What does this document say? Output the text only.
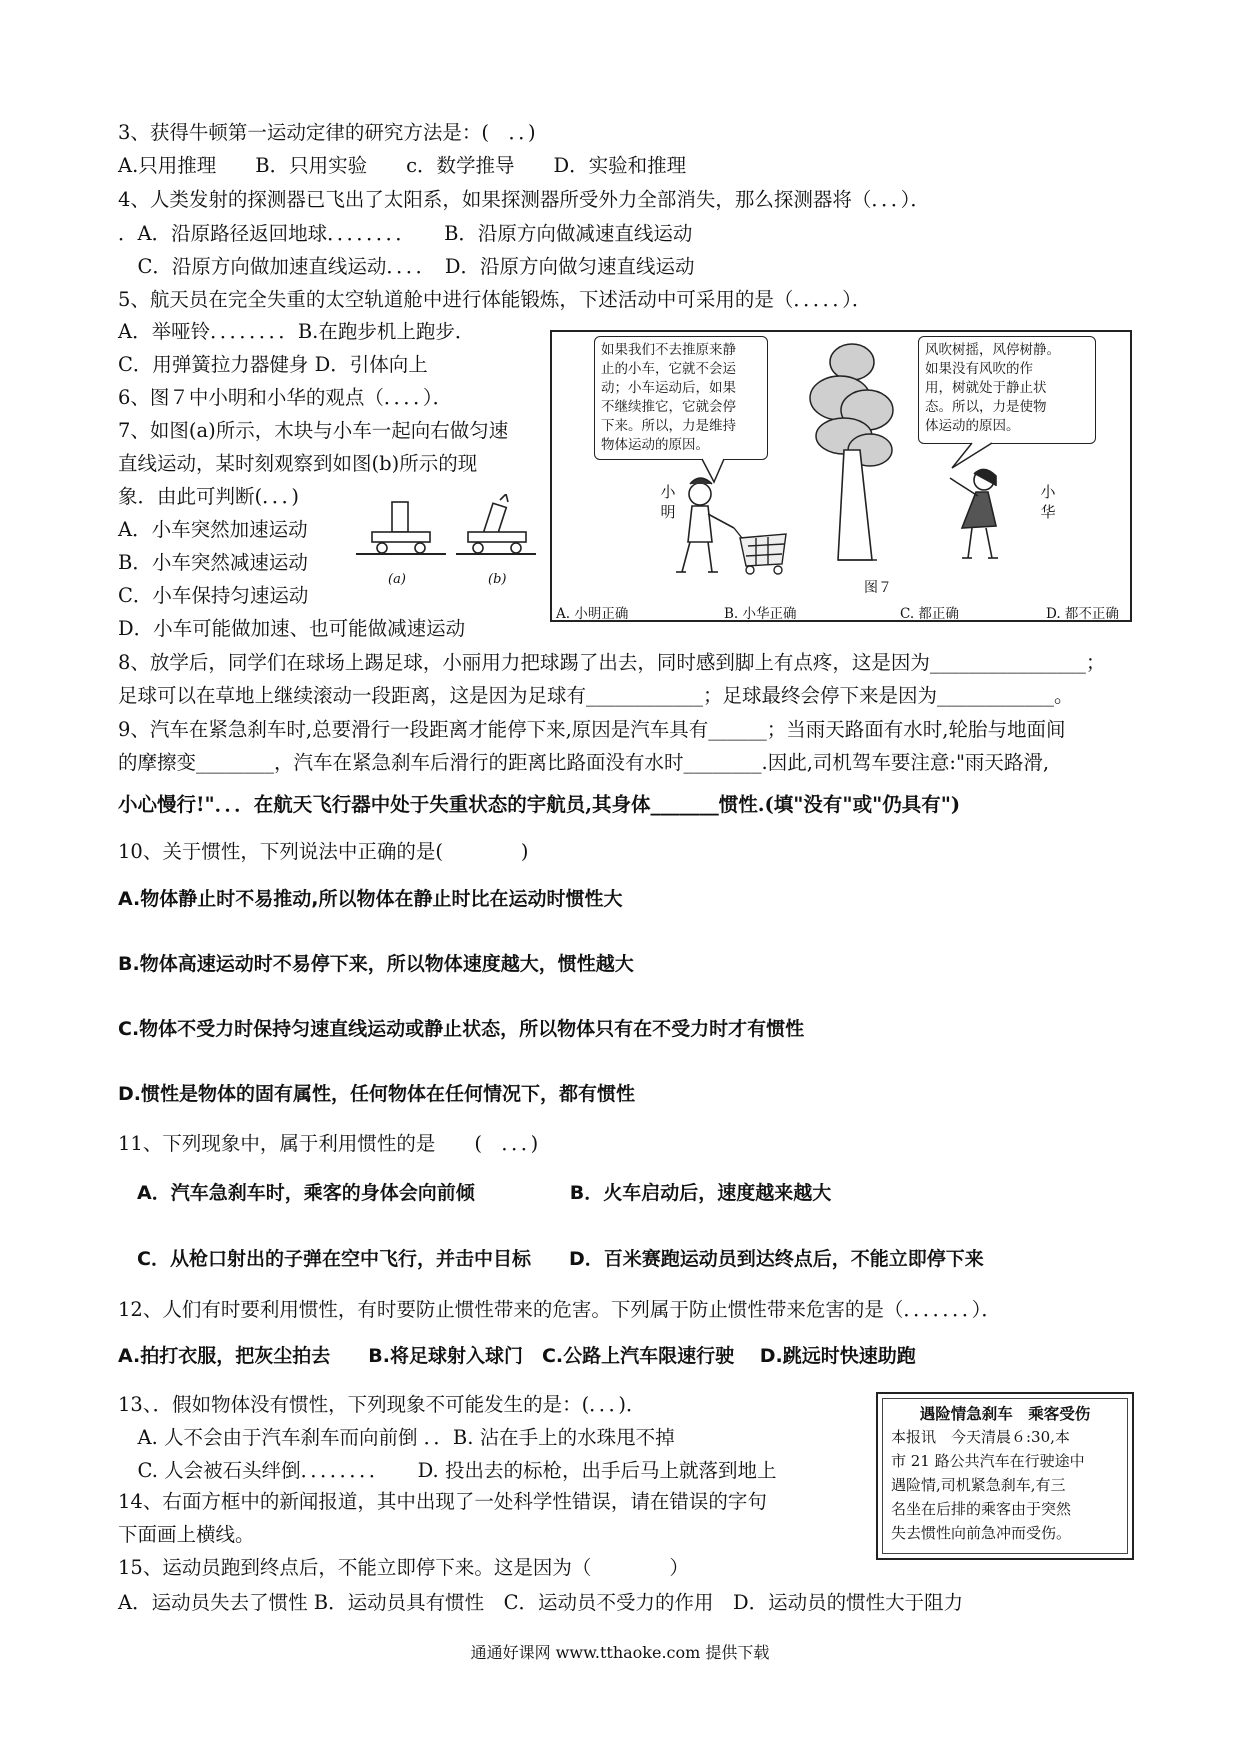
3、获得牛顿第一运动定律的研究方法是：(　．．)
A.只用推理　　B．只用实验　　c．数学推导　　D．实验和推理
4、人类发射的探测器已飞出了太阳系，如果探测器所受外力全部消失，那么探测器将（．．．）．
．A．沿原路径返回地球．．．．．．．．　　B．沿原方向做减速直线运动
　C．沿原方向做加速直线运动．．．．　D．沿原方向做匀速直线运动
5、航天员在完全失重的太空轨道舱中进行体能锻炼，下述活动中可采用的是（．．．．．）．
A．举哑铃．．．．．．．．B.在跑步机上跑步．
C．用弹簧拉力器健身 D．引体向上
6、图７中小明和小华的观点（．．．．）．
7、如图(a)所示，木块与小车一起向右做匀速
直线运动，某时刻观察到如图(b)所示的现
象．由此可判断(．．．)
A．小车突然加速运动
B．小车突然减速运动
C．小车保持匀速运动
D．小车可能做加速、也可能做减速运动
8、放学后，同学们在球场上踢足球，小丽用力把球踢了出去，同时感到脚上有点疼，这是因为________________；
足球可以在草地上继续滚动一段距离，这是因为足球有____________；足球最终会停下来是因为____________。
9、汽车在紧急刹车时,总要滑行一段距离才能停下来,原因是汽车具有______；当雨天路面有水时,轮胎与地面间
的摩擦变________，汽车在紧急刹车后滑行的距离比路面没有水时________.因此,司机驾车要注意:"雨天路滑,
小心慢行!"．．．在航天飞行器中处于失重状态的宇航员,其身体_______惯性.(填"没有"或"仍具有")
10、关于惯性，下列说法中正确的是(　　　　)
A.物体静止时不易推动,所以物体在静止时比在运动时惯性大
B.物体高速运动时不易停下来，所以物体速度越大，惯性越大
C.物体不受力时保持匀速直线运动或静止状态，所以物体只有在不受力时才有惯性
D.惯性是物体的固有属性，任何物体在任何情况下，都有惯性
11、下列现象中，属于利用惯性的是　　(　．．．)
　A．汽车急刹车时，乘客的身体会向前倾　　　　　B．火车启动后，速度越来越大
　C．从枪口射出的子弹在空中飞行，并击中目标　　D．百米赛跑运动员到达终点后，不能立即停下来
12、人们有时要利用惯性，有时要防止惯性带来的危害。下列属于防止惯性带来危害的是（．．．．．．．）．
A.拍打衣服，把灰尘拍去　　B.将足球射入球门　C.公路上汽车限速行驶　 D.跳远时快速助跑
13、．假如物体没有惯性，下列现象不可能发生的是：(．．．)．
　A. 人不会由于汽车刹车而向前倒 ．．B. 沾在手上的水珠甩不掉
　C. 人会被石头绊倒．．．．．．．．　　D. 投出去的标枪，出手后马上就落到地上
14、右面方框中的新闻报道，其中出现了一处科学性错误，请在错误的字句
下面画上横线。
15、运动员跑到终点后，不能立即停下来。这是因为（　　　　）
A．运动员失去了惯性 B．运动员具有惯性　C．运动员不受力的作用　D．运动员的惯性大于阻力
如果我们不去推原来静
止的小车，它就不会运
动；小车运动后，如果
不继续推它，它就会停
下来。所以，力是维持
物体运动的原因。
风吹树摇，风停树静。
如果没有风吹的作
用，树就处于静止状
态。所以，力是使物
体运动的原因。
小
明
小
华
图７
A. 小明正确	B. 小华正确	C. 都正确	D. 都不正确
(a)	(b)
遇险情急刹车　乘客受伤
本报讯　今天清晨６:30,本
市 21 路公共汽车在行驶途中
遇险情,司机紧急刹车,有三
名坐在后排的乘客由于突然
失去惯性向前急冲而受伤。
通通好课网 www.tthaoke.com 提供下载
